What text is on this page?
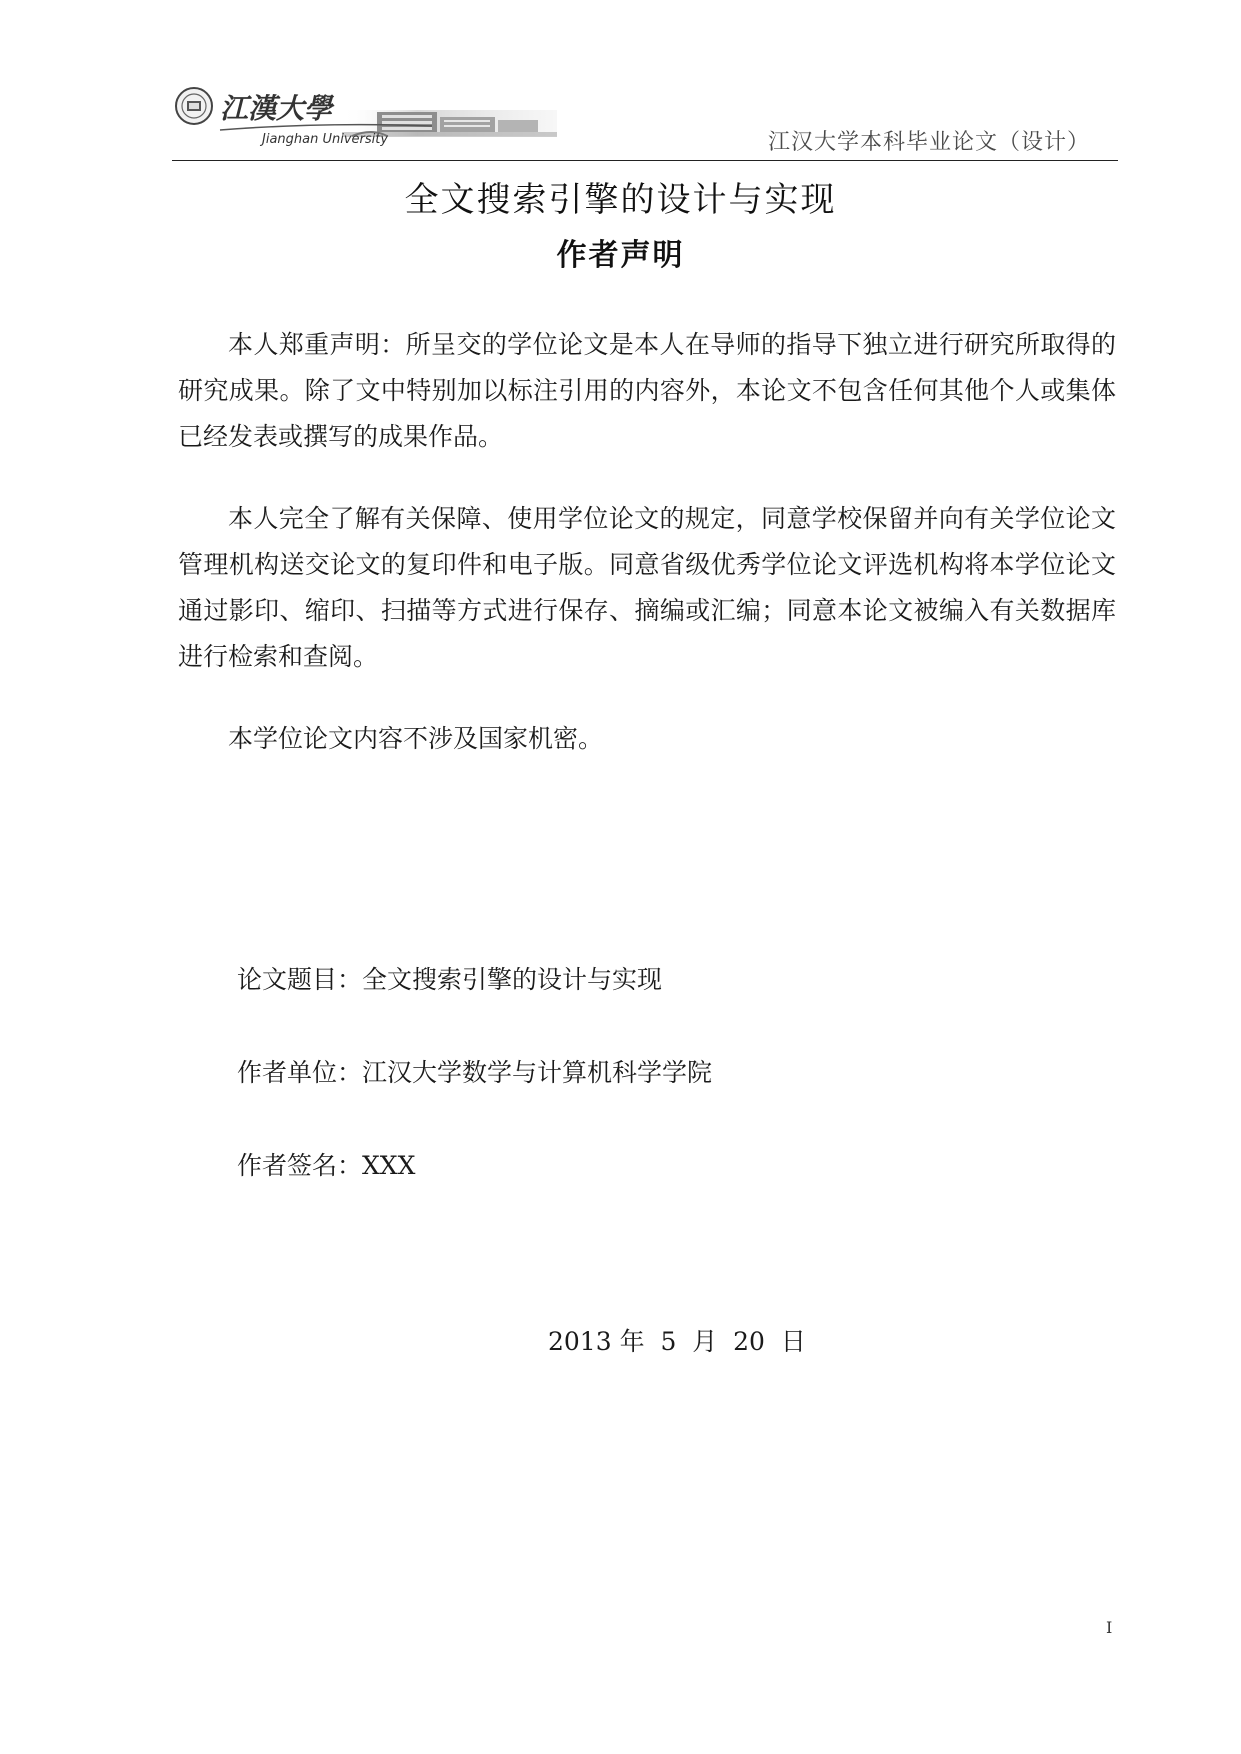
江漢大學
Jianghan University	江汉大学本科毕业论文（设计）
全文搜索引擎的设计与实现
作者声明

本人郑重声明：所呈交的学位论文是本人在导师的指导下独立进行研究所取得的研究成果。除了文中特别加以标注引用的内容外，本论文不包含任何其他个人或集体已经发表或撰写的成果作品。

本人完全了解有关保障、使用学位论文的规定，同意学校保留并向有关学位论文管理机构送交论文的复印件和电子版。同意省级优秀学位论文评选机构将本学位论文通过影印、缩印、扫描等方式进行保存、摘编或汇编；同意本论文被编入有关数据库进行检索和查阅。

本学位论文内容不涉及国家机密。

论文题目：全文搜索引擎的设计与实现
作者单位：江汉大学数学与计算机科学学院
作者签名：XXX
2013 年  5  月  20  日
I
